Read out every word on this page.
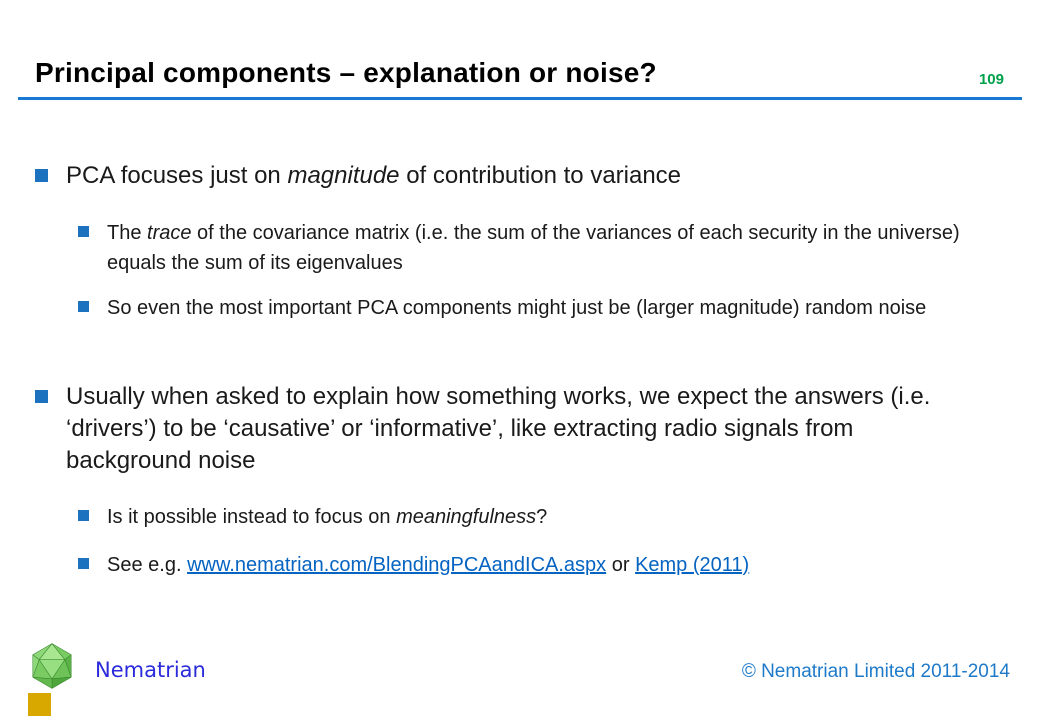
Principal components – explanation or noise?	109

PCA focuses just on magnitude of contribution to variance

The trace of the covariance matrix (i.e. the sum of the variances of each security in the universe) equals the sum of its eigenvalues

So even the most important PCA components might just be (larger magnitude) random noise

Usually when asked to explain how something works, we expect the answers (i.e. ‘drivers’) to be ‘causative’ or ‘informative’, like extracting radio signals from background noise

Is it possible instead to focus on meaningfulness?

See e.g. www.nematrian.com/BlendingPCAandICA.aspx or Kemp (2011)

Nematrian	© Nematrian Limited 2011-2014
